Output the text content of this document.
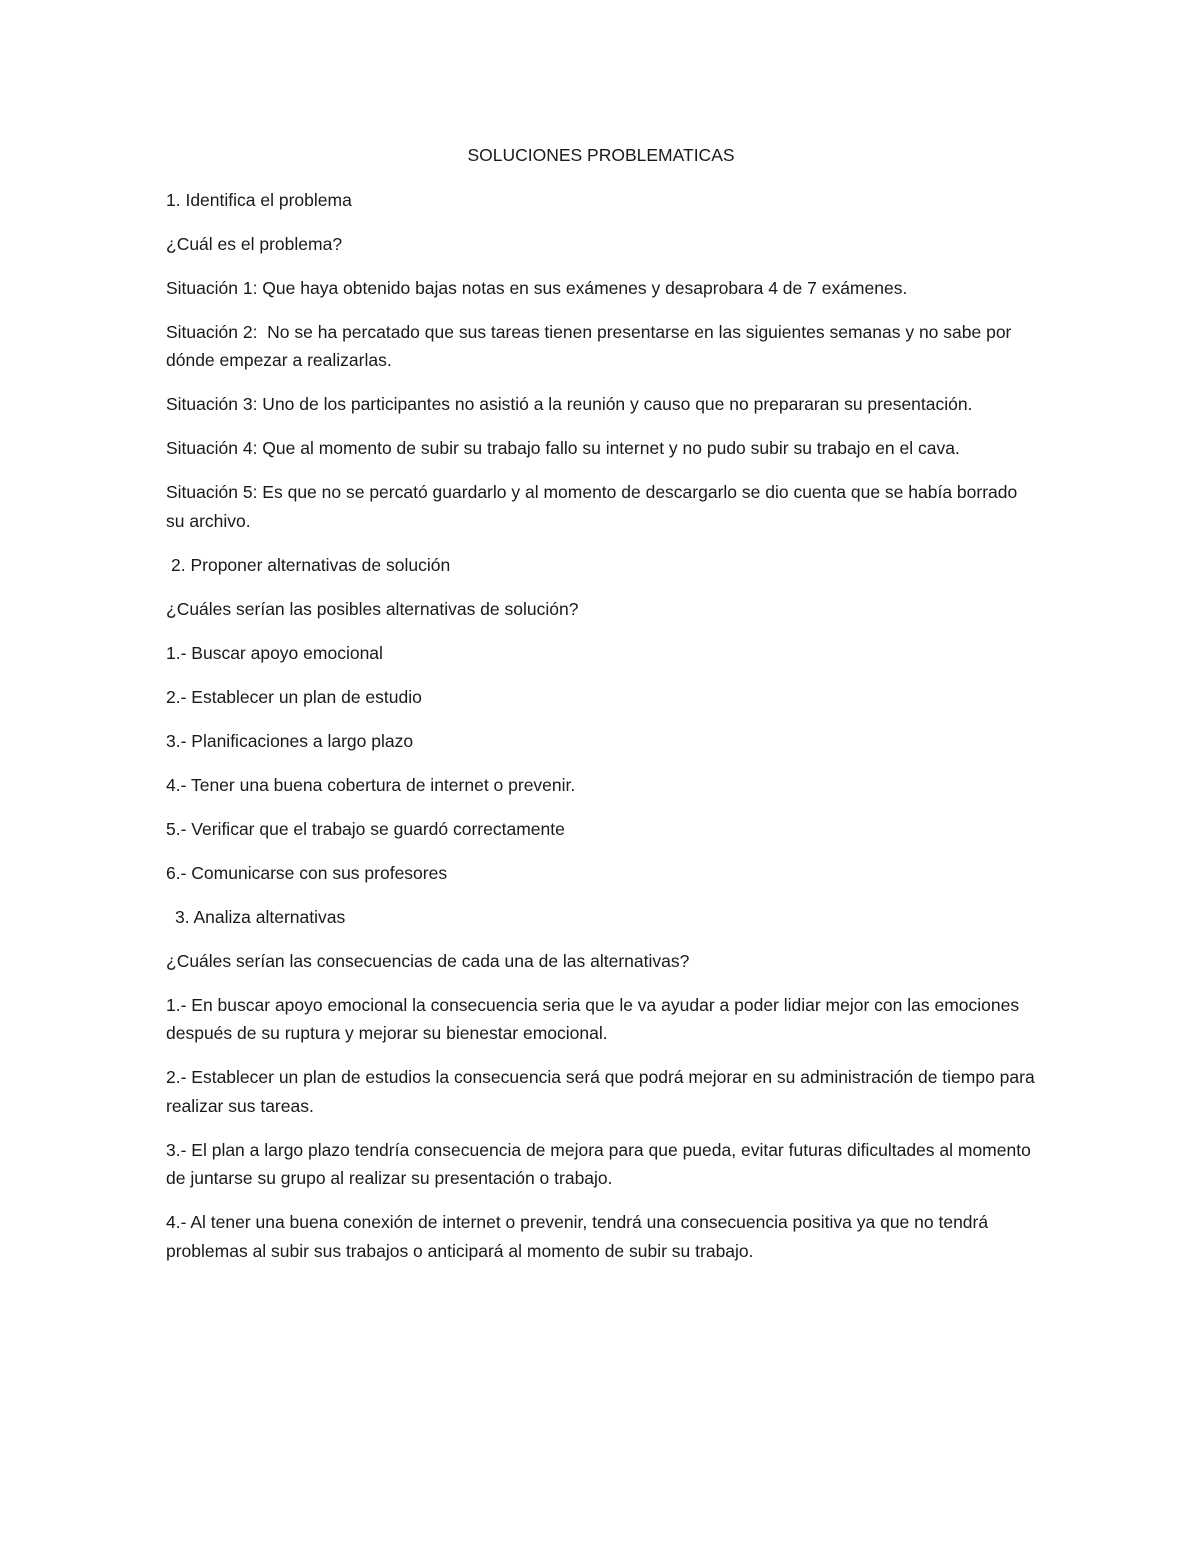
SOLUCIONES PROBLEMATICAS

1. Identifica el problema

¿Cuál es el problema?

Situación 1: Que haya obtenido bajas notas en sus exámenes y desaprobara 4 de 7 exámenes.

Situación 2:  No se ha percatado que sus tareas tienen presentarse en las siguientes semanas y no sabe por dónde empezar a realizarlas.

Situación 3: Uno de los participantes no asistió a la reunión y causo que no prepararan su presentación.

Situación 4: Que al momento de subir su trabajo fallo su internet y no pudo subir su trabajo en el cava.

Situación 5: Es que no se percató guardarlo y al momento de descargarlo se dio cuenta que se había borrado su archivo.

2. Proponer alternativas de solución

¿Cuáles serían las posibles alternativas de solución?

1.- Buscar apoyo emocional

2.- Establecer un plan de estudio

3.- Planificaciones a largo plazo

4.- Tener una buena cobertura de internet o prevenir.

5.- Verificar que el trabajo se guardó correctamente

6.- Comunicarse con sus profesores

3. Analiza alternativas

¿Cuáles serían las consecuencias de cada una de las alternativas?

1.- En buscar apoyo emocional la consecuencia seria que le va ayudar a poder lidiar mejor con las emociones después de su ruptura y mejorar su bienestar emocional.

2.- Establecer un plan de estudios la consecuencia será que podrá mejorar en su administración de tiempo para realizar sus tareas.

3.- El plan a largo plazo tendría consecuencia de mejora para que pueda, evitar futuras dificultades al momento de juntarse su grupo al realizar su presentación o trabajo.

4.- Al tener una buena conexión de internet o prevenir, tendrá una consecuencia positiva ya que no tendrá problemas al subir sus trabajos o anticipará al momento de subir su trabajo.
